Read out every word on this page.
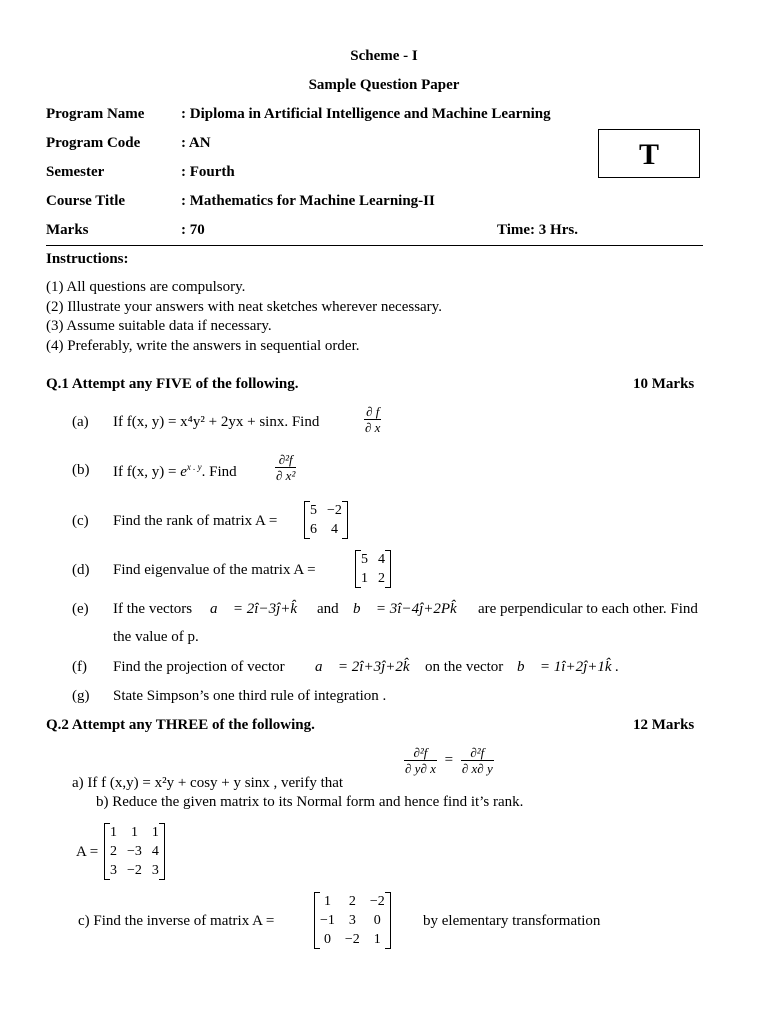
Scheme - I
Sample Question Paper
Program Name : Diploma in Artificial Intelligence and Machine Learning
Program Code	: AN
Semester	: Fourth
Course Title	: Mathematics for Machine Learning-II
Marks	: 70	Time: 3 Hrs.
T
Instructions:
(1) All questions are compulsory.
(2) Illustrate your answers with neat sketches wherever necessary.
(3) Assume suitable data if necessary.
(4) Preferably, write the answers in sequential order.
Q.1 Attempt any FIVE of the following.	10 Marks
(a) If f(x, y) = x⁴y² + 2yx + sinx. Find	$\frac{\partial f}{\partial x}$
(b) If f(x, $y) = e^{x . y}$. Find	$\frac{\text{∂²f}}{\text{∂ x²}}$
(c) Find the rank of matrix A =
5 −2
6 4
(d) Find eigenvalue of the matrix A =
5 4
1 2
(e) If the vectors a⃗ = 2î−3ĵ+k̂ and b⃗ = 3î−4ĵ+2Pk̂ are perpendicular to each other. Find
the value of p.
(f) Find the projection of vector a⃗ = 2î+3ĵ+2k̂ on the vector b⃗ = 1î+2ĵ+1k̂ .
(g) State Simpson’s one third rule of integration .
Q.2 Attempt any THREE of the following.	12 Marks
a) If f (x,y) = x²y + cosy + y sinx , verify that
$\frac{\text{∂²f}}{\partial y\partial x} = \frac{\text{∂²f}}{\partial x\partial y}$
b) Reduce the given matrix to its Normal form and hence find it’s rank.
A =
1 1 1
2 −3 4
3 −2 3
c) Find the inverse of matrix A =
1 2 −2
−1 3 0
0 −2 1
by elementary transformation
